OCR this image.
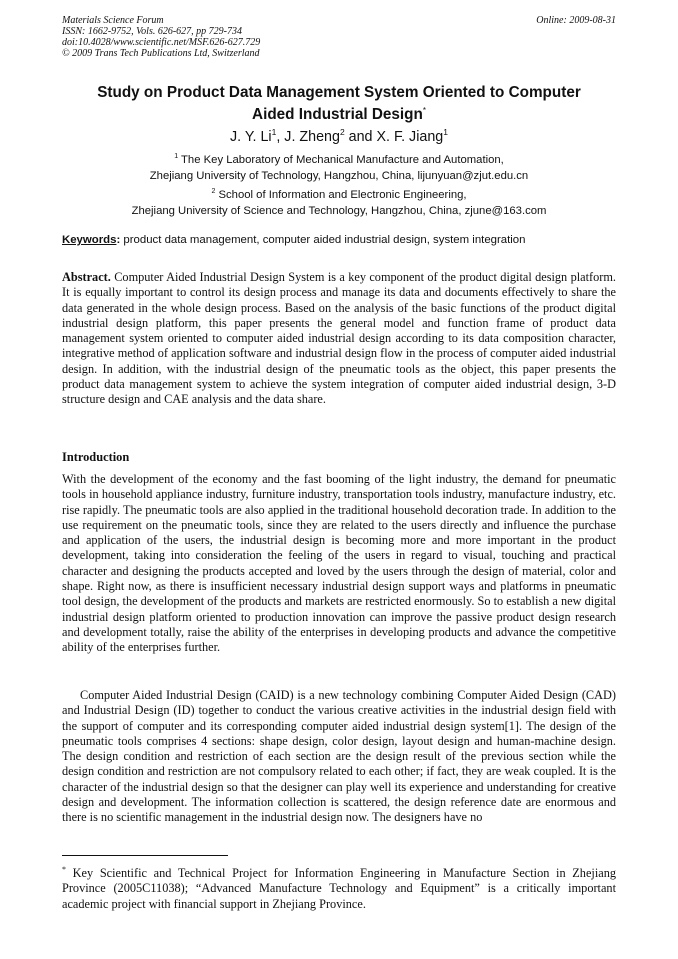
Materials Science Forum
ISSN: 1662-9752, Vols. 626-627, pp 729-734
doi:10.4028/www.scientific.net/MSF.626-627.729
© 2009 Trans Tech Publications Ltd, Switzerland
Online: 2009-08-31
Study on Product Data Management System Oriented to Computer
Aided Industrial Design*
J. Y. Li$^1$, J. Zheng$^2$ and X. F. Jiang$^1$
$^1$ The Key Laboratory of Mechanical Manufacture and Automation,
Zhejiang University of Technology, Hangzhou, China, lijunyuan@zjut.edu.cn
$^2$ School of Information and Electronic Engineering,
Zhejiang University of Science and Technology, Hangzhou, China, zjune@163.com
Keywords: product data management, computer aided industrial design, system integration
Abstract. Computer Aided Industrial Design System is a key component of the product digital design platform. It is equally important to control its design process and manage its data and documents effectively to share the data generated in the whole design process. Based on the analysis of the basic functions of the product digital industrial design platform, this paper presents the general model and function frame of product data management system oriented to computer aided industrial design according to its data composition character, integrative method of application software and industrial design flow in the process of computer aided industrial design. In addition, with the industrial design of the pneumatic tools as the object, this paper presents the product data management system to achieve the system integration of computer aided industrial design, 3-D structure design and CAE analysis and the data share.
Introduction
With the development of the economy and the fast booming of the light industry, the demand for pneumatic tools in household appliance industry, furniture industry, transportation tools industry, manufacture industry, etc. rise rapidly. The pneumatic tools are also applied in the traditional household decoration trade. In addition to the use requirement on the pneumatic tools, since they are related to the users directly and influence the purchase and application of the users, the industrial design is becoming more and more important in the product development, taking into consideration the feeling of the users in regard to visual, touching and practical character and designing the products accepted and loved by the users through the design of material, color and shape. Right now, as there is insufficient necessary industrial design support ways and platforms in pneumatic tool design, the development of the products and markets are restricted enormously. So to establish a new digital industrial design platform oriented to production innovation can improve the passive product design research and development totally, raise the ability of the enterprises in developing products and advance the competitive ability of the enterprises further.
Computer Aided Industrial Design (CAID) is a new technology combining Computer Aided Design (CAD) and Industrial Design (ID) together to conduct the various creative activities in the industrial design field with the support of computer and its corresponding computer aided industrial design system[1]. The design of the pneumatic tools comprises 4 sections: shape design, color design, layout design and human-machine design. The design condition and restriction of each section are the design result of the previous section while the design condition and restriction are not compulsory related to each other; if fact, they are weak coupled. It is the character of the industrial design so that the designer can play well its experience and understanding for creative design and development. The information collection is scattered, the design reference date are enormous and there is no scientific management in the industrial design now. The designers have no
* Key Scientific and Technical Project for Information Engineering in Manufacture Section in Zhejiang Province (2005C11038); “Advanced Manufacture Technology and Equipment” is a critically important academic project with financial support in Zhejiang Province.
